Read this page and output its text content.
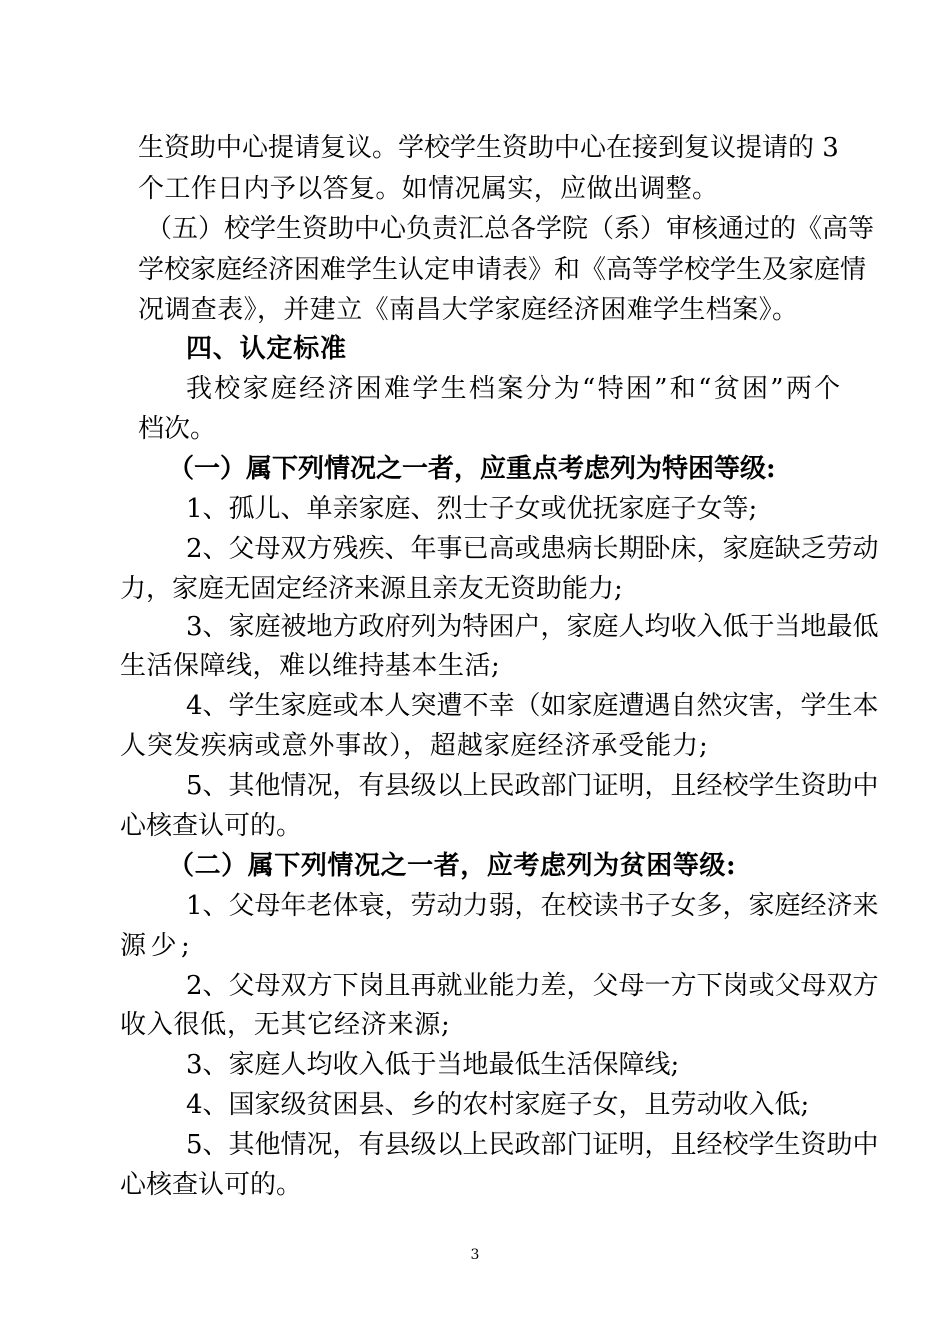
生资助中心提请复议。学校学生资助中心在接到复议提请的 3

个工作日内予以答复。如情况属实，应做出调整。

（五）校学生资助中心负责汇总各学院（系）审核通过的《高等

学校家庭经济困难学生认定申请表》和《高等学校学生及家庭情

况调查表》，并建立《南昌大学家庭经济困难学生档案》。

四、认定标准

我校家庭经济困难学生档案分为“特困”和“贫困”两个

档次。

（一）属下列情况之一者，应重点考虑列为特困等级:

1、孤儿、单亲家庭、烈士子女或优抚家庭子女等;

2、父母双方残疾、年事已高或患病长期卧床，家庭缺乏劳动

力，家庭无固定经济来源且亲友无资助能力;

3、家庭被地方政府列为特困户，家庭人均收入低于当地最低

生活保障线，难以维持基本生活;

4、学生家庭或本人突遭不幸（如家庭遭遇自然灾害，学生本

人突发疾病或意外事故），超越家庭经济承受能力;

5、其他情况，有县级以上民政部门证明，且经校学生资助中

心核查认可的。

（二）属下列情况之一者，应考虑列为贫困等级:

1、父母年老体衰，劳动力弱，在校读书子女多，家庭经济来

源少;

2、父母双方下岗且再就业能力差，父母一方下岗或父母双方

收入很低，无其它经济来源;

3、家庭人均收入低于当地最低生活保障线;

4、国家级贫困县、乡的农村家庭子女，且劳动收入低;

5、其他情况，有县级以上民政部门证明，且经校学生资助中

心核查认可的。

3
